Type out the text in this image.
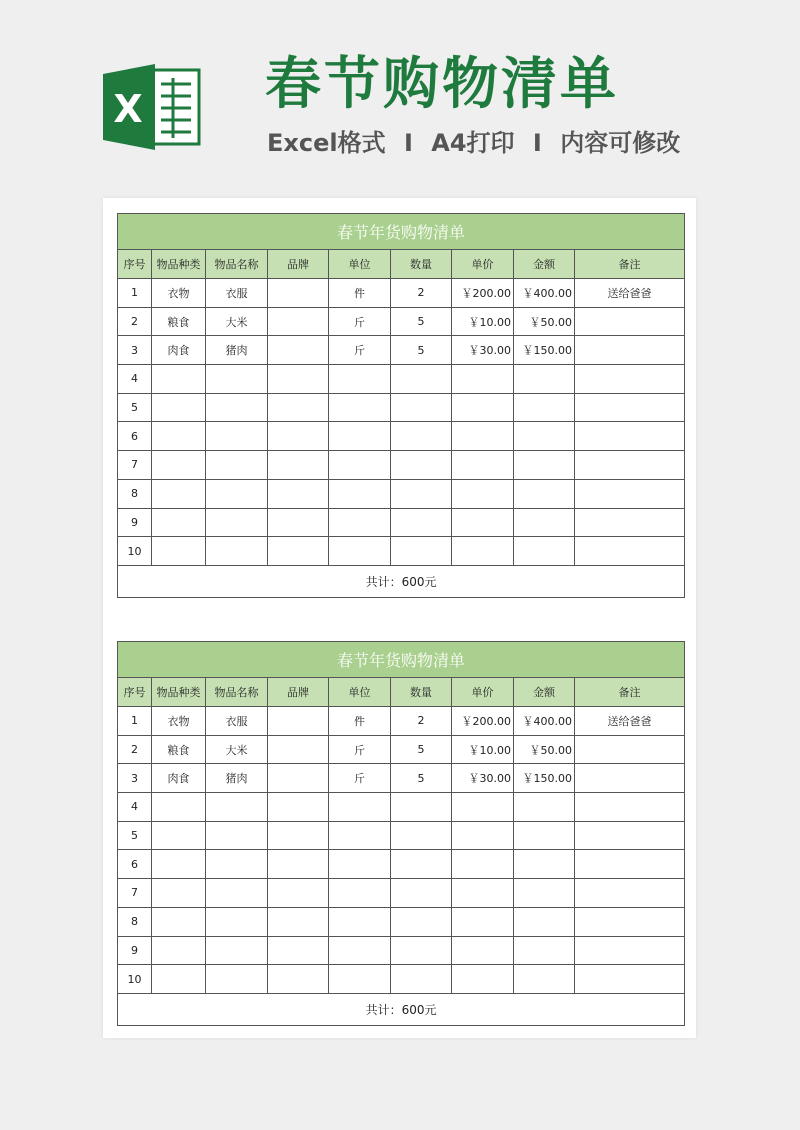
X 春节购物清单
Excel格式 I A4打印 I 内容可修改
春节年货购物清单								
序号	物品种类	物品名称	品牌	单位	数量	单价	金额	备注
1	衣物	衣服		件	2	￥200.00	￥400.00	送给爸爸
2	粮食	大米		斤	5	￥10.00	￥50.00	
3	肉食	猪肉		斤	5	￥30.00	￥150.00	
4								
5								
6								
7								
8								
9								
10								
共计：600元								
春节年货购物清单								
序号	物品种类	物品名称	品牌	单位	数量	单价	金额	备注
1	衣物	衣服		件	2	￥200.00	￥400.00	送给爸爸
2	粮食	大米		斤	5	￥10.00	￥50.00	
3	肉食	猪肉		斤	5	￥30.00	￥150.00	
4								
5								
6								
7								
8								
9								
10								
共计：600元								
